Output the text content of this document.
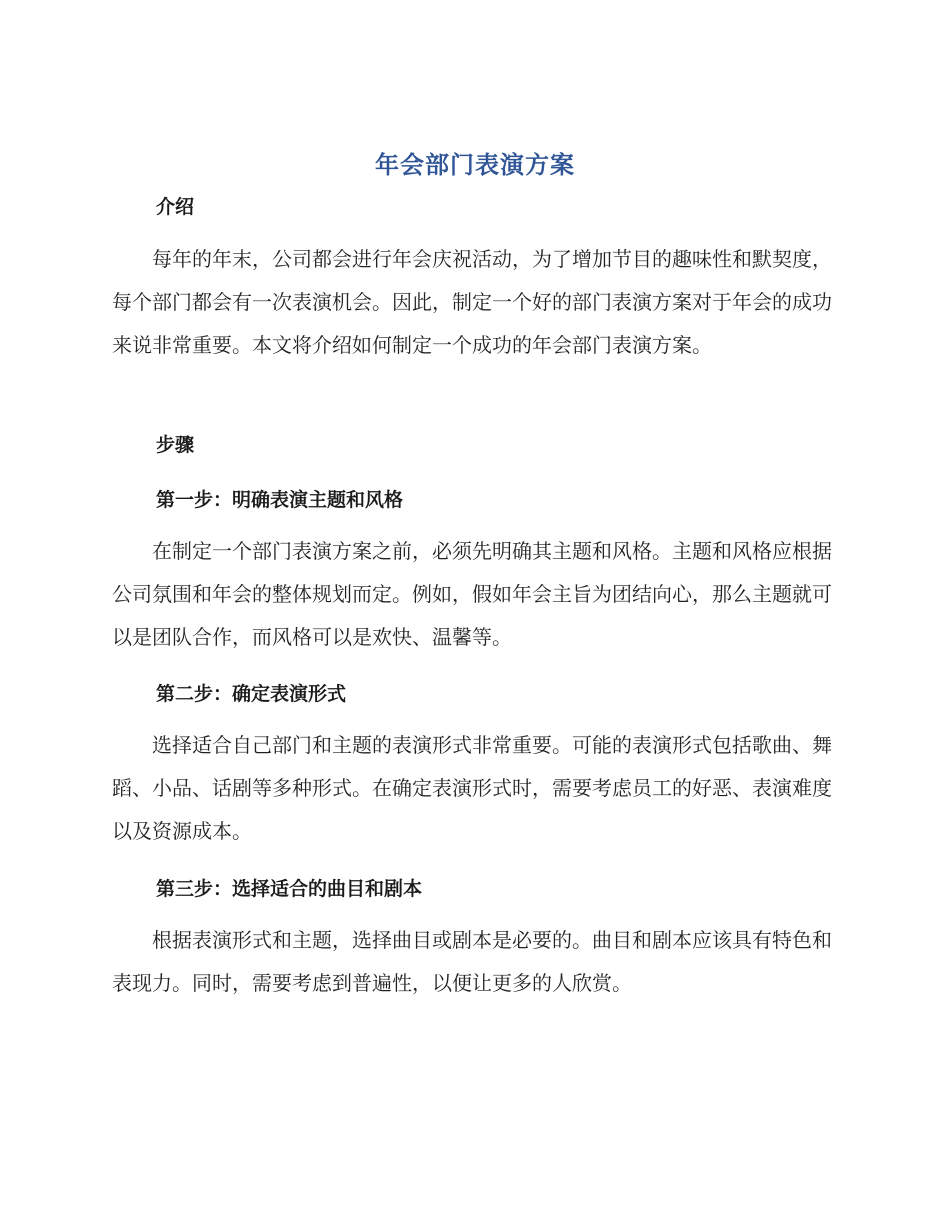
年会部门表演方案
介绍

每年的年末，公司都会进行年会庆祝活动，为了增加节目的趣味性和默契度，每个部门都会有一次表演机会。因此，制定一个好的部门表演方案对于年会的成功来说非常重要。本文将介绍如何制定一个成功的年会部门表演方案。

步骤
第一步：明确表演主题和风格

在制定一个部门表演方案之前，必须先明确其主题和风格。主题和风格应根据公司氛围和年会的整体规划而定。例如，假如年会主旨为团结向心，那么主题就可以是团队合作，而风格可以是欢快、温馨等。

第二步：确定表演形式

选择适合自己部门和主题的表演形式非常重要。可能的表演形式包括歌曲、舞蹈、小品、话剧等多种形式。在确定表演形式时，需要考虑员工的好恶、表演难度以及资源成本。

第三步：选择适合的曲目和剧本

根据表演形式和主题，选择曲目或剧本是必要的。曲目和剧本应该具有特色和表现力。同时，需要考虑到普遍性，以便让更多的人欣赏。
